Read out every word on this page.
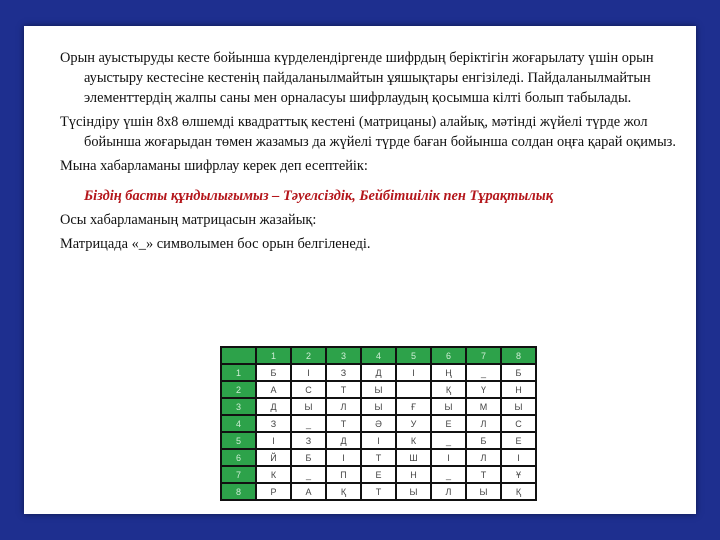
Орын ауыстыруды кесте бойынша күрделендіргенде шифрдың беріктігін жоғарылату үшін орын ауыстыру кестесіне кестенің пайдаланылмайтын ұяшықтары енгізіледі. Пайдаланылмайтын элементтердің жалпы саны мен орналасуы шифрлаудың қосымша кілті болып табылады.

Түсіндіру үшін 8х8 өлшемді квадраттық кестені (матрицаны) алайық, мәтінді жүйелі түрде жол бойынша жоғарыдан төмен жазамыз да жүйелі түрде баған бойынша солдан оңға қарай оқимыз.

Мына хабарламаны шифрлау керек деп есептейік:

Біздің басты құндылығымыз – Тәуелсіздік, Бейбітшілік пен Тұрақтылық

Осы хабарламаның матрицасын жазайық:

Матрицада «_» символымен бос орын белгіленеді.

	1	2	3	4	5	6	7	8
1	Б	І	З	Д	І	Ң	_	Б
2	А	С	Т	Ы		Қ	Ү	Н
3	Д	Ы	Л	Ы	Ғ	Ы	М	Ы
4	З	_	Т	Ә	У	Е	Л	С
5	І	З	Д	І	К	_	Б	Е
6	Й	Б	І	Т	Ш	І	Л	І
7	К	_	П	Е	Н	_	Т	Ұ
8	Р	А	Қ	Т	Ы	Л	Ы	Қ
